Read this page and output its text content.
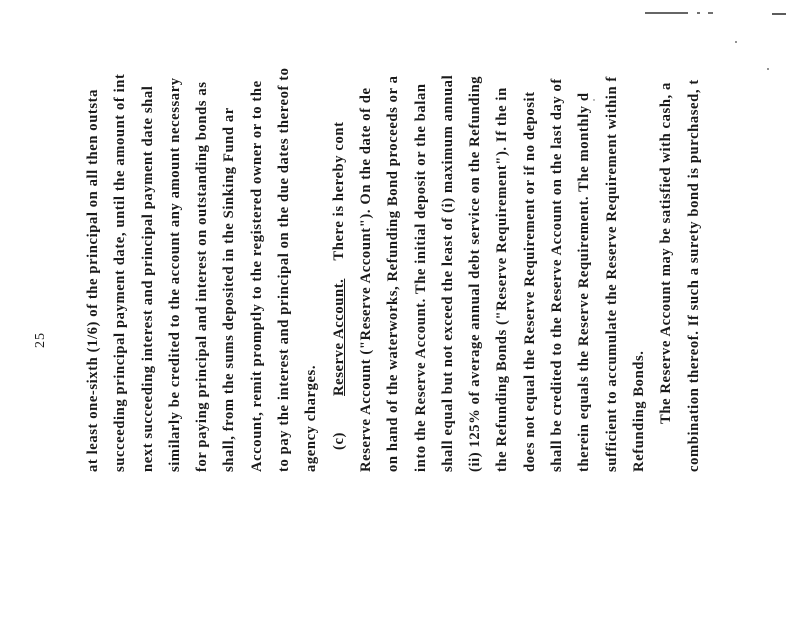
25	at least one-sixth (1/6) of the principal on all then outsta succeeding principal payment date, until the amount of int next succeeding interest and principal payment date shal similarly be credited to the account any amount necessary for paying principal and interest on outstanding bonds as shall, from the sums deposited in the Sinking Fund ar Account, remit promptly to the registered owner or to the to pay the interest and principal on the due dates thereof to agency charges. (c)Reserve Account.There is hereby cont Reserve Account ("Reserve Account"). On the date of de on hand of the waterworks, Refunding Bond proceeds or a into the Reserve Account. The initial deposit or the balan shall equal but not exceed the least of (i) maximum annual (ii) 125% of average annual debt service on the Refunding the Refunding Bonds ("Reserve Requirement"). If the in does not equal the Reserve Requirement or if no deposit shall be credited to the Reserve Account on the last day of therein equals the Reserve Requirement. The monthly d sufficient to accumulate the Reserve Requirement within f Refunding Bonds. The Reserve Account may be satisfied with cash, a combination thereof. If such a surety bond is purchased, t
